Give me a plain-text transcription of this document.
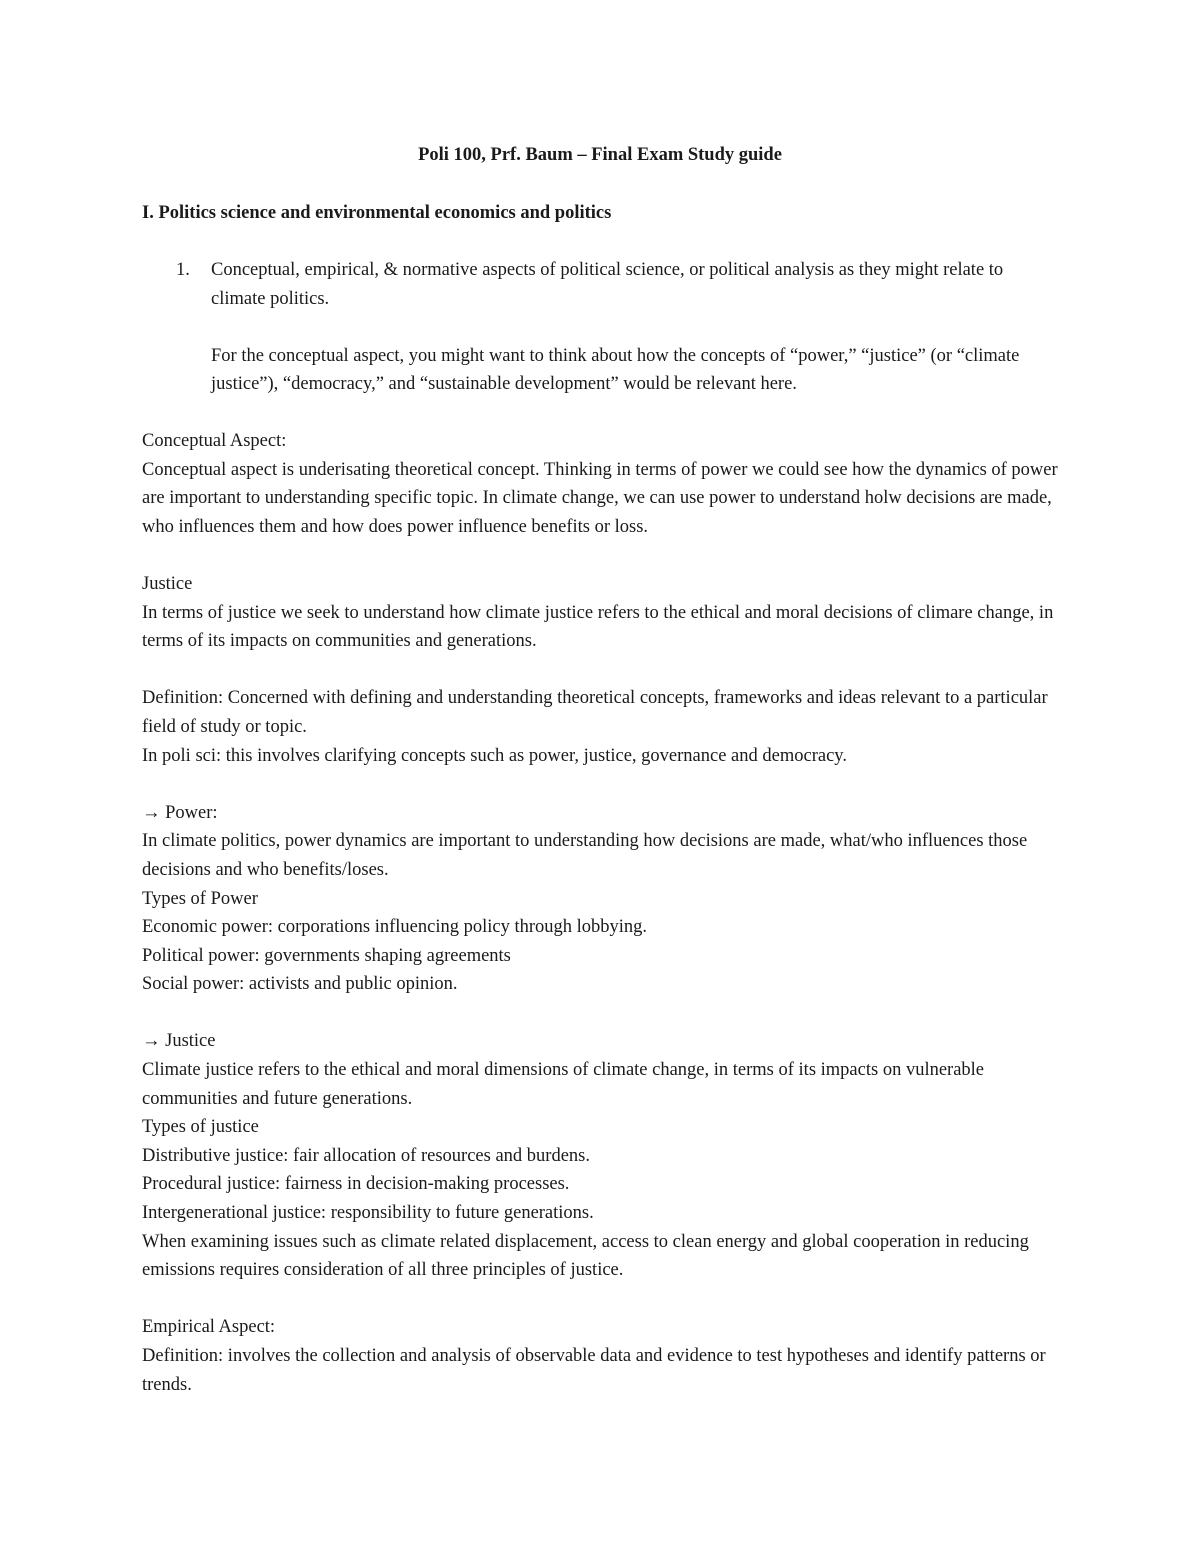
Poli 100, Prf. Baum – Final Exam Study guide
I. Politics science and environmental economics and politics
1. Conceptual, empirical, & normative aspects of political science, or political analysis as they might relate to climate politics.

For the conceptual aspect, you might want to think about how the concepts of “power,” “justice” (or “climate justice”), “democracy,” and “sustainable development” would be relevant here.

Conceptual Aspect:

Conceptual aspect is underisating theoretical concept. Thinking in terms of power we could see how the dynamics of power are important to understanding specific topic. In climate change, we can use power to understand holw decisions are made, who influences them and how does power influence benefits or loss.

Justice

In terms of justice we seek to understand how climate justice refers to the ethical and moral decisions of climare change, in terms of its impacts on communities and generations.

Definition: Concerned with defining and understanding theoretical concepts, frameworks and ideas relevant to a particular field of study or topic.

In poli sci: this involves clarifying concepts such as power, justice, governance and democracy.

→ Power:

In climate politics, power dynamics are important to understanding how decisions are made, what/who influences those decisions and who benefits/loses.

Types of Power

Economic power: corporations influencing policy through lobbying.

Political power: governments shaping agreements

Social power: activists and public opinion.

→ Justice

Climate justice refers to the ethical and moral dimensions of climate change, in terms of its impacts on vulnerable communities and future generations.

Types of justice

Distributive justice: fair allocation of resources and burdens.

Procedural justice: fairness in decision-making processes.

Intergenerational justice: responsibility to future generations.

When examining issues such as climate related displacement, access to clean energy and global cooperation in reducing emissions requires consideration of all three principles of justice.

Empirical Aspect:

Definition: involves the collection and analysis of observable data and evidence to test hypotheses and identify patterns or trends.
